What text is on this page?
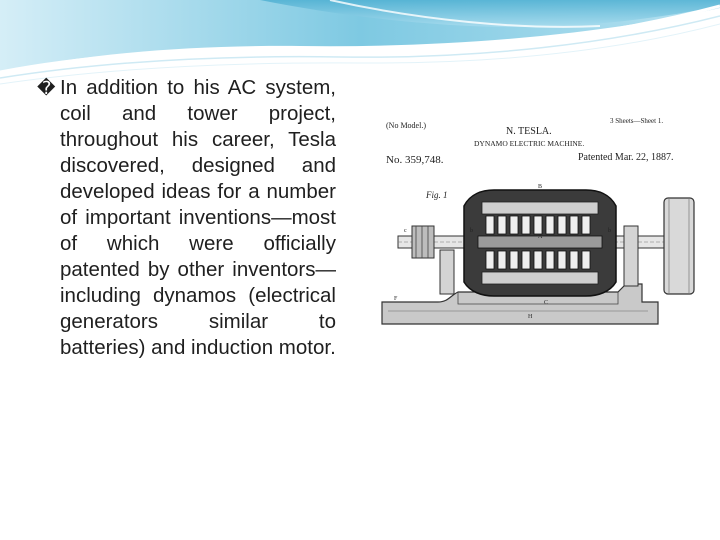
� In addition to his AC system, coil and tower project, throughout his career, Tesla discovered, designed and developed ideas for a number of important inventions—most of which were officially patented by other inventors—including dynamos (electrical generators similar to batteries) and induction motor.
(No Model.)	3 Sheets—Sheet 1.
N. TESLA.
DYNAMO ELECTRIC MACHINE.
No. 359,748.	Patented Mar. 22, 1887.
Fig. 1
B
A
b	b
C
H
c
F
